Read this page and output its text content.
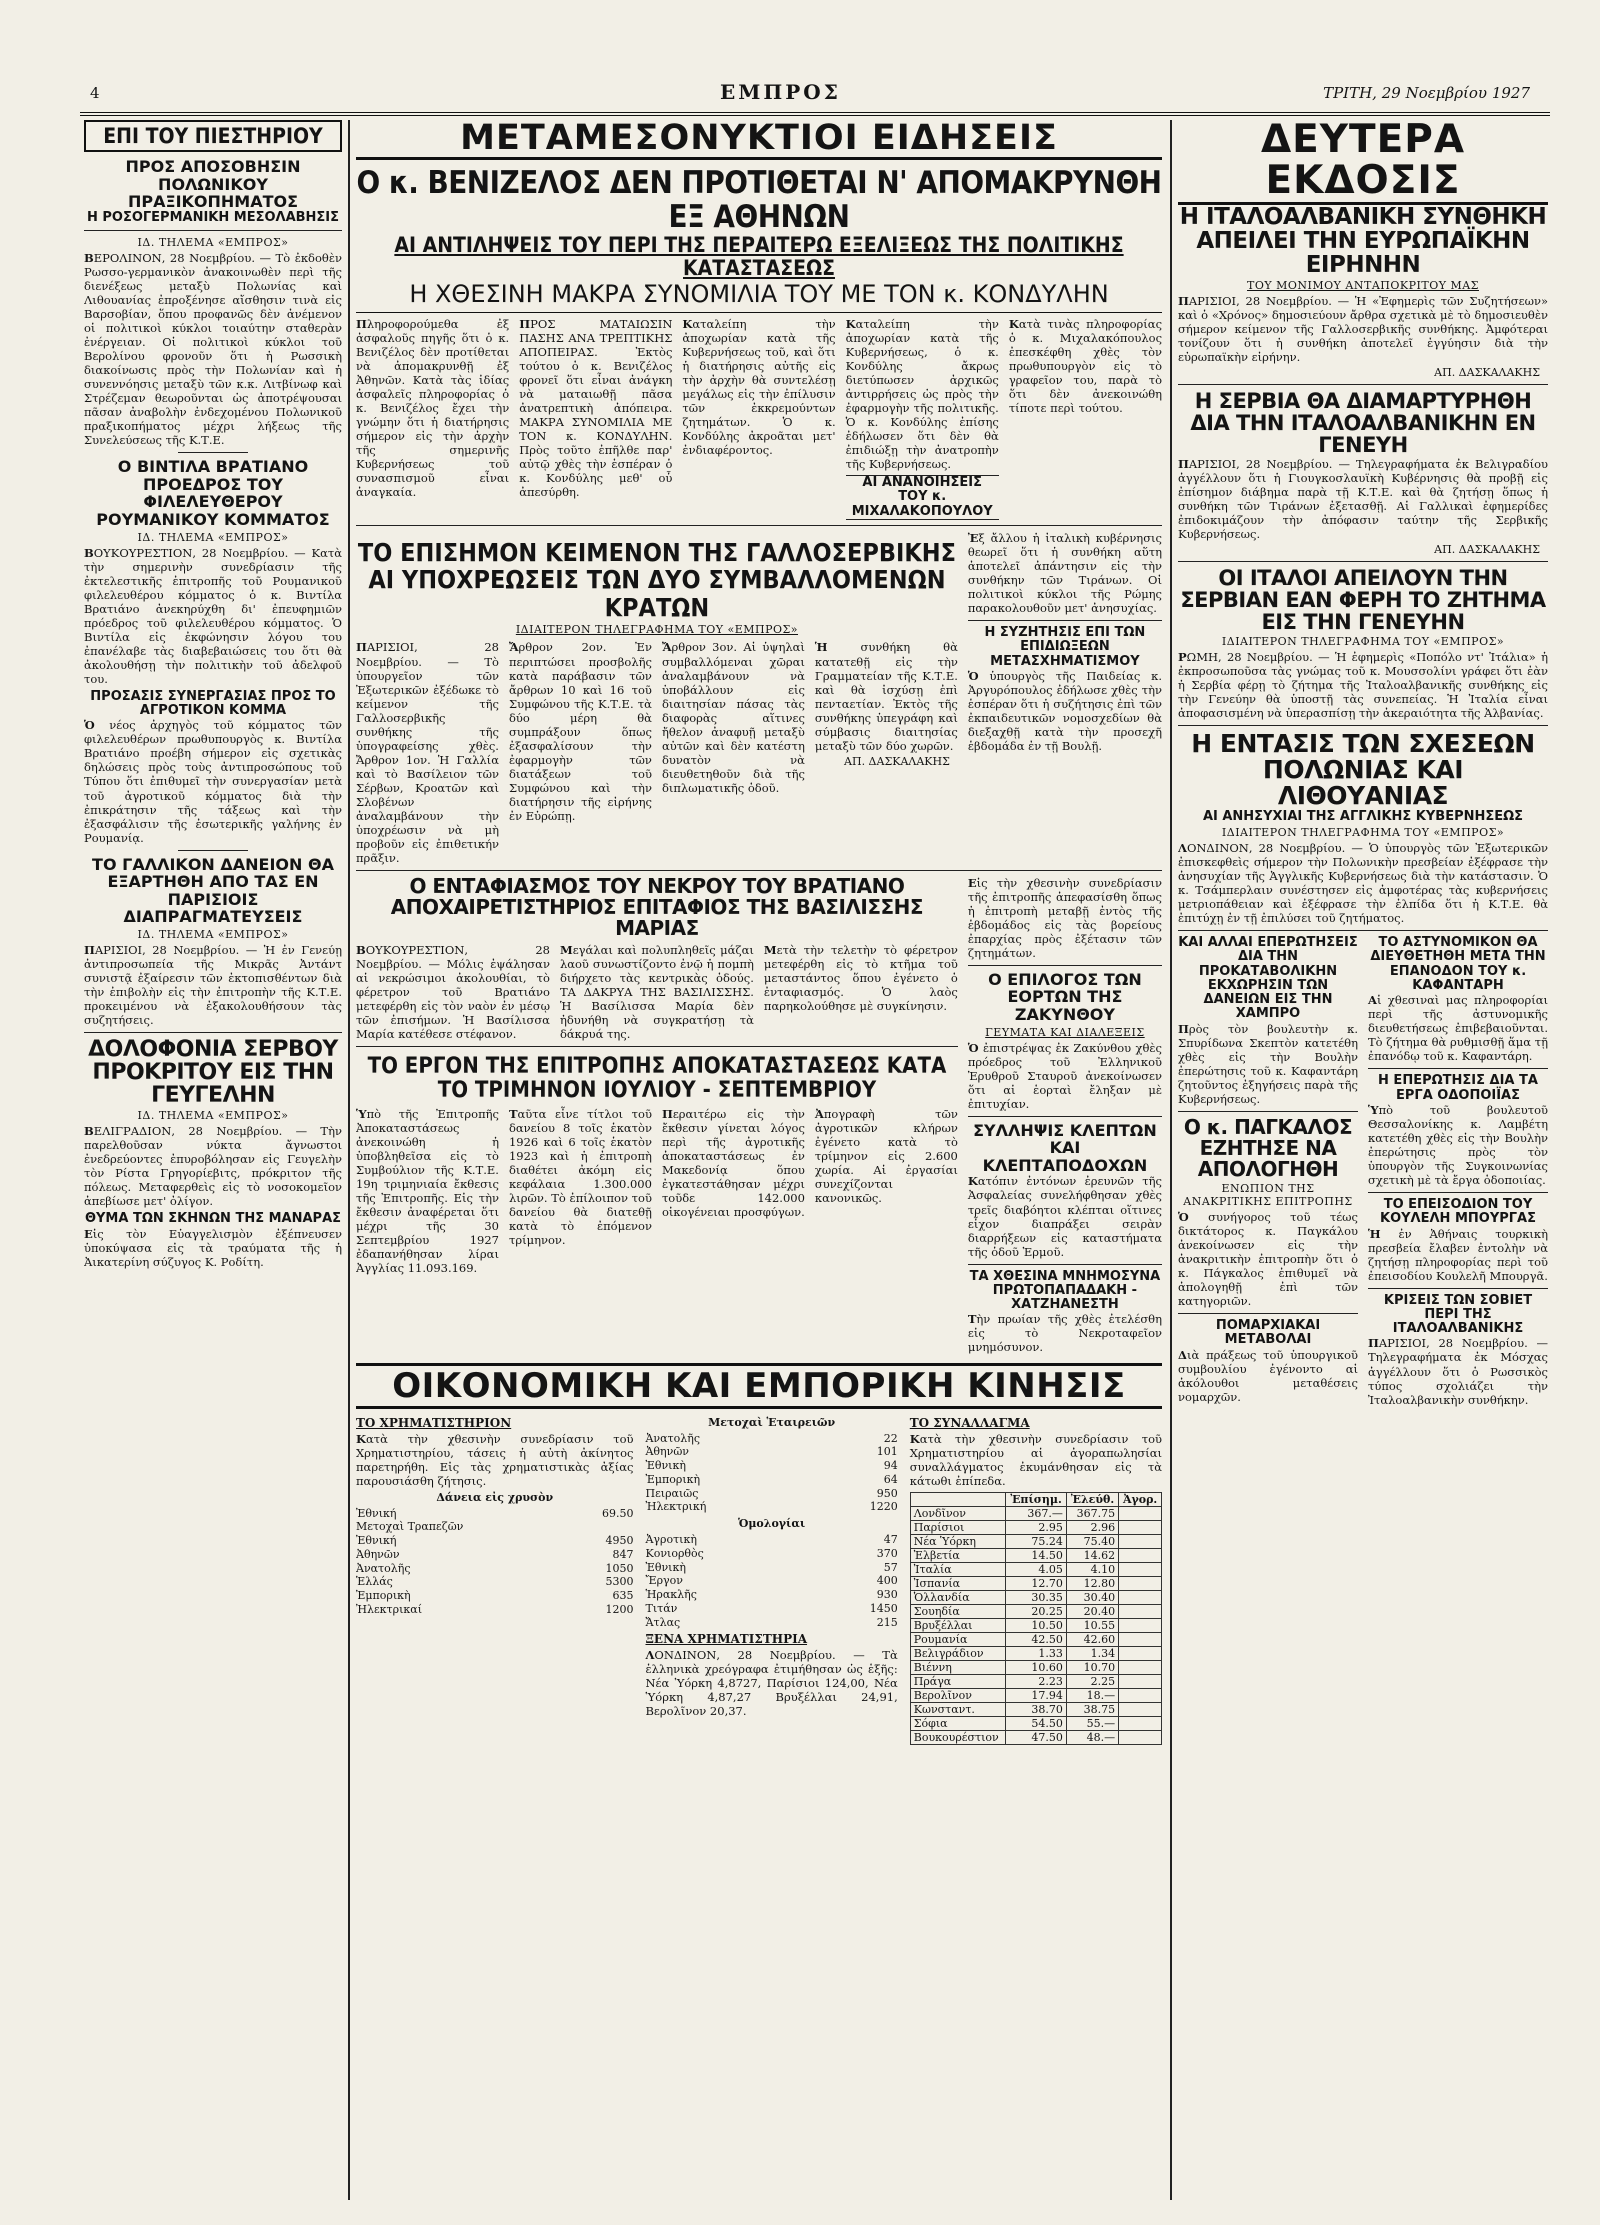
4	ΕΜΠΡΟΣ	ΤΡΙΤΗ, 29 Νοεμβρίου 1927
ΕΠΙ ΤΟΥ ΠΙΕΣΤΗΡΙΟΥ
ΠΡΟΣ ΑΠΟΣΟΒΗΣΙΝ ΠΟΛΩΝΙΚΟΥ ΠΡΑΞΙΚΟΠΗΜΑΤΟΣ
Η ΡΟΣΟΓΕΡΜΑΝΙΚΗ ΜΕΣΟΛΑΒΗΣΙΣ
ΙΔ. ΤΗΛΕΜΑ «ΕΜΠΡΟΣ»
ΒΕΡΟΛΙΝΟΝ, 28 Νοεμβρίου. — Τὸ ἐκδοθὲν Ρωσσο-γερμανικὸν ἀνακοινωθὲν περὶ τῆς διενέξεως μεταξὺ Πολωνίας καὶ Λιθουανίας ἐπροξένησε αἴσθησιν τινὰ εἰς Βαρσοβίαν, ὅπου προφανῶς δὲν ἀνέμενον οἱ πολιτικοὶ κύκλοι τοιαύτην σταθερὰν ἐνέργειαν. Οἱ πολιτικοὶ κύκλοι τοῦ Βερολίνου φρονοῦν ὅτι ἡ Ρωσσικὴ διακοίνωσις πρὸς τὴν Πολωνίαν καὶ ἡ συνεννόησις μεταξὺ τῶν κ.κ. Λιτβίνωφ καὶ Στρέζεμαν θεωροῦνται ὡς ἀποτρέψουσαι πᾶσαν ἀναβολὴν ἐνδεχομένου Πολωνικοῦ πραξικοπήματος μέχρι λήξεως τῆς Συνελεύσεως τῆς Κ.Τ.Ε.
Ο ΒΙΝΤΙΛΑ ΒΡΑΤΙΑΝΟ ΠΡΟΕΔΡΟΣ ΤΟΥ ΦΙΛΕΛΕΥΘΕΡΟΥ ΡΟΥΜΑΝΙΚΟΥ ΚΟΜΜΑΤΟΣ
ΙΔ. ΤΗΛΕΜΑ «ΕΜΠΡΟΣ»
ΒΟΥΚΟΥΡΕΣΤΙΟΝ, 28 Νοεμβρίου. — Κατὰ τὴν σημερινὴν συνεδρίασιν τῆς ἐκτελεστικῆς ἐπιτροπῆς τοῦ Ρουμανικοῦ φιλελευθέρου κόμματος ὁ κ. Βιντίλα Βρατιάνο ἀνεκηρύχθη δι' ἐπευφημιῶν πρόεδρος τοῦ φιλελευθέρου κόμματος. Ὁ Βιντίλα εἰς ἐκφώνησιν λόγου του ἐπανέλαβε τὰς διαβεβαιώσεις του ὅτι θὰ ἀκολουθήσῃ τὴν πολιτικὴν τοῦ ἀδελφοῦ του.
ΠΡΟΣΑΣΙΣ ΣΥΝΕΡΓΑΣΙΑΣ ΠΡΟΣ ΤΟ ΑΓΡΟΤΙΚΟΝ ΚΟΜΜΑ
Ὁ νέος ἀρχηγὸς τοῦ κόμματος τῶν φιλελευθέρων πρωθυπουργὸς κ. Βιντίλα Βρατιάνο προέβη σήμερον εἰς σχετικὰς δηλώσεις πρὸς τοὺς ἀντιπροσώπους τοῦ Τύπου ὅτι ἐπιθυμεῖ τὴν συνεργασίαν μετὰ τοῦ ἀγροτικοῦ κόμματος διὰ τὴν ἐπικράτησιν τῆς τάξεως καὶ τὴν ἐξασφάλισιν τῆς ἐσωτερικῆς γαλήνης ἐν Ρουμανίᾳ.
ΤΟ ΓΑΛΛΙΚΟΝ ΔΑΝΕΙΟΝ ΘΑ ΕΞΑΡΤΗΘΗ ΑΠΟ ΤΑΣ ΕΝ ΠΑΡΙΣΙΟΙΣ ΔΙΑΠΡΑΓΜΑΤΕΥΣΕΙΣ
ΙΔ. ΤΗΛΕΜΑ «ΕΜΠΡΟΣ»
ΠΑΡΙΣΙΟΙ, 28 Νοεμβρίου. — Ἡ ἐν Γενεύῃ ἀντιπροσωπεία τῆς Μικρᾶς Ἀντάντ συνιστᾷ ἐξαίρεσιν τῶν ἐκτοπισθέντων διὰ τὴν ἐπιβολὴν εἰς τὴν ἐπιτροπὴν τῆς Κ.Τ.Ε. προκειμένου νὰ ἐξακολουθήσουν τὰς συζητήσεις.
ΔΟΛΟΦΟΝΙΑ ΣΕΡΒΟΥ ΠΡΟΚΡΙΤΟΥ ΕΙΣ ΤΗΝ ΓΕΥΓΕΛΗΝ
ΙΔ. ΤΗΛΕΜΑ «ΕΜΠΡΟΣ»
ΒΕΛΙΓΡΑΔΙΟΝ, 28 Νοεμβρίου. — Τὴν παρελθοῦσαν νύκτα ἄγνωστοι ἐνεδρεύοντες ἐπυροβόλησαν εἰς Γευγελὴν τὸν Ρίστα Γρηγορίεβιτς, πρόκριτον τῆς πόλεως. Μεταφερθεὶς εἰς τὸ νοσοκομεῖον ἀπεβίωσε μετ' ὀλίγον.
ΘΥΜΑ ΤΩΝ ΣΚΗΝΩΝ ΤΗΣ ΜΑΝΑΡΑΣ
Εἰς τὸν Εὐαγγελισμὸν ἐξέπνευσεν ὑποκύψασα εἰς τὰ τραύματα τῆς ἡ Ἀικατερίνη σύζυγος Κ. Ροδίτη.
ΜΕΤΑΜΕΣΟΝΥΚΤΙΟΙ ΕΙΔΗΣΕΙΣ
Ο κ. ΒΕΝΙΖΕΛΟΣ ΔΕΝ ΠΡΟΤΙΘΕΤΑΙ Ν' ΑΠΟΜΑΚΡΥΝΘΗ ΕΞ ΑΘΗΝΩΝ
ΑΙ ΑΝΤΙΛΗΨΕΙΣ ΤΟΥ ΠΕΡΙ ΤΗΣ ΠΕΡΑΙΤΕΡΩ ΕΞΕΛΙΞΕΩΣ ΤΗΣ ΠΟΛΙΤΙΚΗΣ ΚΑΤΑΣΤΑΣΕΩΣ
Η ΧΘΕΣΙΝΗ ΜΑΚΡΑ ΣΥΝΟΜΙΛΙΑ ΤΟΥ ΜΕ ΤΟΝ κ. ΚΟΝΔΥΛΗΝ
Πληροφορούμεθα ἐξ ἀσφαλοῦς πηγῆς ὅτι ὁ κ. Βενιζέλος δὲν προτίθεται νὰ ἀπομακρυνθῇ ἐξ Ἀθηνῶν. Κατὰ τὰς ἰδίας ἀσφαλεῖς πληροφορίας ὁ κ. Βενιζέλος ἔχει τὴν γνώμην ὅτι ἡ διατήρησις σήμερον εἰς τὴν ἀρχὴν τῆς σημερινῆς Κυβερνήσεως τοῦ συνασπισμοῦ εἶναι ἀναγκαία.
ΠΡΟΣ ΜΑΤΑΙΩΣΙΝ ΠΑΣΗΣ ΑΝΑ ΤΡΕΠΤΙΚΗΣ ΑΠΟΠΕΙΡΑΣ. Ἐκτὸς τούτου ὁ κ. Βενιζέλος φρονεῖ ὅτι εἶναι ἀνάγκη νὰ ματαιωθῇ πᾶσα ἀνατρεπτικὴ ἀπόπειρα. ΜΑΚΡΑ ΣΥΝΟΜΙΛΙΑ ΜΕ ΤΟΝ κ. ΚΟΝΔΥΛΗΝ. Πρὸς τοῦτο ἐπῆλθε παρ' αὐτῷ χθὲς τὴν ἑσπέραν ὁ κ. Κονδύλης μεθ' οὗ ἀπεσύρθη.
Καταλείπη τὴν ἀποχωρίαν κατὰ τῆς Κυβερνήσεως τοῦ, καὶ ὅτι ἡ διατήρησις αὐτῆς εἰς τὴν ἀρχὴν θὰ συντελέσῃ μεγάλως εἰς τὴν ἐπίλυσιν τῶν ἐκκρεμούντων ζητημάτων. Ὁ κ. Κονδύλης ἀκροᾶται μετ' ἐνδιαφέροντος.
Καταλείπη τὴν ἀποχωρίαν κατὰ τῆς Κυβερνήσεως, ὁ κ. Κονδύλης ἄκρως διετύπωσεν ἀρχικῶς ἀντιρρήσεις ὡς πρὸς τὴν ἐφαρμογὴν τῆς πολιτικῆς. Ὁ κ. Κονδύλης ἐπίσης ἐδήλωσεν ὅτι δὲν θὰ ἐπιδιώξῃ τὴν ἀνατροπὴν τῆς Κυβερνήσεως.
ΑΙ ΑΝΑΝΟΙΗΣΕΙΣ ΤΟΥ κ. ΜΙΧΑΛΑΚΟΠΟΥΛΟΥ
Κατὰ τινὰς πληροφορίας ὁ κ. Μιχαλακόπουλος ἐπεσκέφθη χθὲς τὸν πρωθυπουργὸν εἰς τὸ γραφεῖον του, παρὰ τὸ ὅτι δὲν ἀνεκοινώθη τίποτε περὶ τούτου.
ΤΟ ΕΠΙΣΗΜΟΝ ΚΕΙΜΕΝΟΝ ΤΗΣ ΓΑΛΛΟΣΕΡΒΙΚΗΣ ΑΙ ΥΠΟΧΡΕΩΣΕΙΣ ΤΩΝ ΔΥΟ ΣΥΜΒΑΛΛΟΜΕΝΩΝ ΚΡΑΤΩΝ
ΙΔΙΑΙΤΕΡΟΝ ΤΗΛΕΓΡΑΦΗΜΑ ΤΟΥ «ΕΜΠΡΟΣ»
ΠΑΡΙΣΙΟΙ, 28 Νοεμβρίου. — Τὸ ὑπουργεῖον τῶν Ἐξωτερικῶν ἐξέδωκε τὸ κείμενον τῆς Γαλλοσερβικῆς συνθήκης τῆς ὑπογραφείσης χθὲς. Ἄρθρον 1ον. Ἡ Γαλλία καὶ τὸ Βασίλειον τῶν Σέρβων, Κροατῶν καὶ Σλοβένων ἀναλαμβάνουν τὴν ὑποχρέωσιν νὰ μὴ προβοῦν εἰς ἐπιθετικήν πρᾶξιν.
Ἄρθρον 2ον. Ἐν περιπτώσει προσβολῆς κατὰ παράβασιν τῶν ἄρθρων 10 καὶ 16 τοῦ Συμφώνου τῆς Κ.Τ.Ε. τὰ δύο μέρη θὰ συμπράξουν ὅπως ἐξασφαλίσουν τὴν ἐφαρμογὴν τῶν διατάξεων τοῦ Συμφώνου καὶ τὴν διατήρησιν τῆς εἰρήνης ἐν Εὐρώπῃ.
Ἄρθρον 3ον. Αἱ ὑψηλαὶ συμβαλλόμεναι χῶραι ἀναλαμβάνουν νὰ ὑποβάλλουν εἰς διαιτησίαν πάσας τὰς διαφορὰς αἵτινες ἤθελον ἀναφυῇ μεταξὺ αὐτῶν καὶ δὲν κατέστη δυνατὸν νὰ διευθετηθοῦν διὰ τῆς διπλωματικῆς ὁδοῦ.
Ἡ συνθήκη θὰ κατατεθῇ εἰς τὴν Γραμματείαν τῆς Κ.Τ.Ε. καὶ θὰ ἰσχύσῃ ἐπὶ πενταετίαν. Ἐκτὸς τῆς συνθήκης ὑπεγράφη καὶ σύμβασις διαιτησίας μεταξὺ τῶν δύο χωρῶν.
ΑΠ. ΔΑΣΚΑΛΑΚΗΣ
Ἐξ ἄλλου ἡ ἰταλικὴ κυβέρνησις θεωρεῖ ὅτι ἡ συνθήκη αὕτη ἀποτελεῖ ἀπάντησιν εἰς τὴν συνθήκην τῶν Τιράνων. Οἱ πολιτικοὶ κύκλοι τῆς Ρώμης παρακολουθοῦν μετ' ἀνησυχίας.
Η ΣΥΖΗΤΗΣΙΣ ΕΠΙ ΤΩΝ ΕΠΙΔΙΩΞΕΩΝ ΜΕΤΑΣΧΗΜΑΤΙΣΜΟΥ
Ὁ ὑπουργὸς τῆς Παιδείας κ. Ἀργυρόπουλος ἐδήλωσε χθὲς τὴν ἑσπέραν ὅτι ἡ συζήτησις ἐπὶ τῶν ἐκπαιδευτικῶν νομοσχεδίων θὰ διεξαχθῇ κατὰ τὴν προσεχῆ ἑβδομάδα ἐν τῇ Βουλῇ.
Ο ΕΝΤΑΦΙΑΣΜΟΣ ΤΟΥ ΝΕΚΡΟΥ ΤΟΥ ΒΡΑΤΙΑΝΟ ΑΠΟΧΑΙΡΕΤΙΣΤΗΡΙΟΣ ΕΠΙΤΑΦΙΟΣ ΤΗΣ ΒΑΣΙΛΙΣΣΗΣ ΜΑΡΙΑΣ
ΒΟΥΚΟΥΡΕΣΤΙΟΝ, 28 Νοεμβρίου. — Μόλις ἐψάλησαν αἱ νεκρώσιμοι ἀκολουθίαι, τὸ φέρετρον τοῦ Βρατιάνο μετεφέρθη εἰς τὸν ναὸν ἐν μέσῳ τῶν ἐπισήμων. Ἡ Βασίλισσα Μαρία κατέθεσε στέφανον.
Μεγάλαι καὶ πολυπληθεῖς μάζαι λαοῦ συνωστίζοντο ἐνῷ ἡ πομπὴ διήρχετο τὰς κεντρικὰς ὁδούς. ΤΑ ΔΑΚΡΥΑ ΤΗΣ ΒΑΣΙΛΙΣΣΗΣ. Ἡ Βασίλισσα Μαρία δὲν ἠδυνήθη νὰ συγκρατήσῃ τὰ δάκρυά της.
Μετὰ τὴν τελετὴν τὸ φέρετρον μετεφέρθη εἰς τὸ κτῆμα τοῦ μεταστάντος ὅπου ἐγένετο ὁ ἐνταφιασμός. Ὁ λαὸς παρηκολούθησε μὲ συγκίνησιν.
ΤΟ ΕΡΓΟΝ ΤΗΣ ΕΠΙΤΡΟΠΗΣ ΑΠΟΚΑΤΑΣΤΑΣΕΩΣ ΚΑΤΑ ΤΟ ΤΡΙΜΗΝΟΝ ΙΟΥΛΙΟΥ - ΣΕΠΤΕΜΒΡΙΟΥ
Ὑπὸ τῆς Ἐπιτροπῆς Ἀποκαταστάσεως ἀνεκοινώθη ἡ ὑποβληθεῖσα εἰς τὸ Συμβούλιον τῆς Κ.Τ.Ε. 19η τριμηνιαία ἔκθεσις τῆς Ἐπιτροπῆς. Εἰς τὴν ἔκθεσιν ἀναφέρεται ὅτι μέχρι τῆς 30 Σεπτεμβρίου 1927 ἐδαπανήθησαν λίραι Ἀγγλίας 11.093.169.
Ταῦτα εἶνε τίτλοι τοῦ δανείου 8 τοῖς ἑκατὸν 1926 καὶ 6 τοῖς ἑκατὸν 1923 καὶ ἡ ἐπιτροπὴ διαθέτει ἀκόμη εἰς κεφάλαια 1.300.000 λιρῶν. Τὸ ἐπίλοιπον τοῦ δανείου θὰ διατεθῇ κατὰ τὸ ἐπόμενον τρίμηνον.
Περαιτέρω εἰς τὴν ἔκθεσιν γίνεται λόγος περὶ τῆς ἀγροτικῆς ἀποκαταστάσεως ἐν Μακεδονίᾳ ὅπου ἐγκατεστάθησαν μέχρι τοῦδε 142.000 οἰκογένειαι προσφύγων.
Ἀπογραφὴ τῶν ἀγροτικῶν κλήρων ἐγένετο κατὰ τὸ τρίμηνον εἰς 2.600 χωρία. Αἱ ἐργασίαι συνεχίζονται κανονικῶς.
Εἰς τὴν χθεσινὴν συνεδρίασιν τῆς ἐπιτροπῆς ἀπεφασίσθη ὅπως ἡ ἐπιτροπὴ μεταβῇ ἐντὸς τῆς ἑβδομάδος εἰς τὰς βορείους ἐπαρχίας πρὸς ἐξέτασιν τῶν ζητημάτων.
Ο ΕΠΙΛΟΓΟΣ ΤΩΝ ΕΟΡΤΩΝ ΤΗΣ ΖΑΚΥΝΘΟΥ
ΓΕΥΜΑΤΑ ΚΑΙ ΔΙΑΛΕΞΕΙΣ
Ὁ ἐπιστρέψας ἐκ Ζακύνθου χθὲς πρόεδρος τοῦ Ἐλληνικοῦ Ἐρυθροῦ Σταυροῦ ἀνεκοίνωσεν ὅτι αἱ ἑορταὶ ἔληξαν μὲ ἐπιτυχίαν.
ΣΥΛΛΗΨΙΣ ΚΛΕΠΤΩΝ ΚΑΙ ΚΛΕΠΤΑΠΟΔΟΧΩΝ
Κατόπιν ἐντόνων ἐρευνῶν τῆς Ἀσφαλείας συνελήφθησαν χθὲς τρεῖς διαβόητοι κλέπται οἵτινες εἶχον διαπράξει σειρὰν διαρρήξεων εἰς καταστήματα τῆς ὁδοῦ Ἑρμοῦ.
ΤΑ ΧΘΕΣΙΝΑ ΜΝΗΜΟΣΥΝΑ ΠΡΩΤΟΠΑΠΑΔΑΚΗ - ΧΑΤΖΗΑΝΕΣΤΗ
Τὴν πρωίαν τῆς χθὲς ἐτελέσθη εἰς τὸ Νεκροταφεῖον μνημόσυνον.
ΟΙΚΟΝΟΜΙΚΗ ΚΑΙ ΕΜΠΟΡΙΚΗ ΚΙΝΗΣΙΣ
ΤΟ ΧΡΗΜΑΤΙΣΤΗΡΙΟΝ
Κατὰ τὴν χθεσινὴν συνεδρίασιν τοῦ Χρηματιστηρίου, τάσεις ἡ αὐτὴ ἀκίνητος παρετηρήθη. Εἰς τὰς χρηματιστικὰς ἀξίας παρουσιάσθη ζήτησις.
Δάνεια εἰς χρυσὸν
Ἐθνική	69.50
Μετοχαὶ Τραπεζῶν
Ἐθνική	4950
Ἀθηνῶν	847
Ἀνατολῆς	1050
Ἑλλάς	5300
Ἐμπορικὴ	635
Ἠλεκτρικαί	1200
Μετοχαὶ Ἑταιρειῶν
Ἀνατολῆς	22
Ἀθηνῶν	101
Ἐθνικὴ	94
Ἐμπορικὴ	64
Πειραιῶς	950
Ἠλεκτρική	1220
Ὁμολογίαι
Ἀγροτικὴ	47
Κονιορθὸς	370
Ἐθνικὴ	57
Ἔργον	400
Ἡρακλῆς	930
Τιτάν	1450
Ἄτλας	215
ΞΕΝΑ ΧΡΗΜΑΤΙΣΤΗΡΙΑ
ΛΟΝΔΙΝΟΝ, 28 Νοεμβρίου. — Τὰ ἑλληνικὰ χρεόγραφα ἐτιμήθησαν ὡς ἑξῆς: Νέα Ὑόρκη 4,8727, Παρίσιοι 124,00, Νέα Ὑόρκη 4,87,27 Βρυξέλλαι 24,91, Βερολῖνον 20,37.
ΤΟ ΣΥΝΑΛΛΑΓΜΑ
Κατὰ τὴν χθεσινὴν συνεδρίασιν τοῦ Χρηματιστηρίου αἱ ἀγοραπωλησίαι συναλλάγματος ἐκυμάνθησαν εἰς τὰ κάτωθι ἐπίπεδα.
	Ἐπίσημ.	Ἐλεύθ.	Ἀγορ.
Λονδῖνον	367.—	367.75	
Παρίσιοι	2.95	2.96	
Νέα Ὑόρκη	75.24	75.40	
Ἑλβετία	14.50	14.62	
Ἰταλία	4.05	4.10	
Ἰσπανία	12.70	12.80	
Ὁλλανδία	30.35	30.40	
Σουηδία	20.25	20.40	
Βρυξέλλαι	10.50	10.55	
Ρουμανία	42.50	42.60	
Βελιγράδιον	1.33	1.34	
Βιέννη	10.60	10.70	
Πράγα	2.23	2.25	
Βερολῖνον	17.94	18.—	
Κωνσταντ.	38.70	38.75	
Σόφια	54.50	55.—	
Βουκουρέστιον	47.50	48.—	
ΔΕΥΤΕΡΑ ΕΚΔΟΣΙΣ
Η ΙΤΑΛΟΑΛΒΑΝΙΚΗ ΣΥΝΘΗΚΗ ΑΠΕΙΛΕΙ ΤΗΝ ΕΥΡΩΠΑΪΚΗΝ ΕΙΡΗΝΗΝ
ΤΟΥ ΜΟΝΙΜΟΥ ΑΝΤΑΠΟΚΡΙΤΟΥ ΜΑΣ
ΠΑΡΙΣΙΟΙ, 28 Νοεμβρίου. — Ἡ «Ἐφημερὶς τῶν Συζητήσεων» καὶ ὁ «Χρόνος» δημοσιεύουν ἄρθρα σχετικὰ μὲ τὸ δημοσιευθὲν σήμερον κείμενον τῆς Γαλλοσερβικῆς συνθήκης. Ἀμφότεραι τονίζουν ὅτι ἡ συνθήκη ἀποτελεῖ ἐγγύησιν διὰ τὴν εὐρωπαϊκὴν εἰρήνην.
ΑΠ. ΔΑΣΚΑΛΑΚΗΣ
Η ΣΕΡΒΙΑ ΘΑ ΔΙΑΜΑΡΤΥΡΗΘΗ ΔΙΑ ΤΗΝ ΙΤΑΛΟΑΛΒΑΝΙΚΗΝ ΕΝ ΓΕΝΕΥΗ
ΠΑΡΙΣΙΟΙ, 28 Νοεμβρίου. — Τηλεγραφήματα ἐκ Βελιγραδίου ἀγγέλλουν ὅτι ἡ Γιουγκοσλαυϊκὴ Κυβέρνησις θὰ προβῇ εἰς ἐπίσημον διάβημα παρὰ τῇ Κ.Τ.Ε. καὶ θὰ ζητήσῃ ὅπως ἡ συνθήκη τῶν Τιράνων ἐξετασθῇ. Αἱ Γαλλικαὶ ἐφημερίδες ἐπιδοκιμάζουν τὴν ἀπόφασιν ταύτην τῆς Σερβικῆς Κυβερνήσεως.
ΑΠ. ΔΑΣΚΑΛΑΚΗΣ
ΟΙ ΙΤΑΛΟΙ ΑΠΕΙΛΟΥΝ ΤΗΝ ΣΕΡΒΙΑΝ ΕΑΝ ΦΕΡΗ ΤΟ ΖΗΤΗΜΑ ΕΙΣ ΤΗΝ ΓΕΝΕΥΗΝ
ΙΔΙΑΙΤΕΡΟΝ ΤΗΛΕΓΡΑΦΗΜΑ ΤΟΥ «ΕΜΠΡΟΣ»
ΡΩΜΗ, 28 Νοεμβρίου. — Ἡ ἐφημερὶς «Ποπόλο ντ' Ἰτάλια» ἡ ἐκπροσωποῦσα τὰς γνώμας τοῦ κ. Μουσσολίνι γράφει ὅτι ἐὰν ἡ Σερβία φέρῃ τὸ ζήτημα τῆς Ἰταλοαλβανικῆς συνθήκης εἰς τὴν Γενεύην θὰ ὑποστῇ τὰς συνεπείας. Ἡ Ἰταλία εἶναι ἀποφασισμένη νὰ ὑπερασπίσῃ τὴν ἀκεραιότητα τῆς Ἀλβανίας.
Η ΕΝΤΑΣΙΣ ΤΩΝ ΣΧΕΣΕΩΝ ΠΟΛΩΝΙΑΣ ΚΑΙ ΛΙΘΟΥΑΝΙΑΣ
ΑΙ ΑΝΗΣΥΧΙΑΙ ΤΗΣ ΑΓΓΛΙΚΗΣ ΚΥΒΕΡΝΗΣΕΩΣ
ΙΔΙΑΙΤΕΡΟΝ ΤΗΛΕΓΡΑΦΗΜΑ ΤΟΥ «ΕΜΠΡΟΣ»
ΛΟΝΔΙΝΟΝ, 28 Νοεμβρίου. — Ὁ ὑπουργὸς τῶν Ἐξωτερικῶν ἐπισκεφθεὶς σήμερον τὴν Πολωνικὴν πρεσβείαν ἐξέφρασε τὴν ἀνησυχίαν τῆς Ἀγγλικῆς Κυβερνήσεως διὰ τὴν κατάστασιν. Ὁ κ. Τσάμπερλαιν συνέστησεν εἰς ἀμφοτέρας τὰς κυβερνήσεις μετριοπάθειαν καὶ ἐξέφρασε τὴν ἐλπίδα ὅτι ἡ Κ.Τ.Ε. θὰ ἐπιτύχῃ ἐν τῇ ἐπιλύσει τοῦ ζητήματος.
ΚΑΙ ΑΛΛΑΙ ΕΠΕΡΩΤΗΣΕΙΣ ΔΙΑ ΤΗΝ ΠΡΟΚΑΤΑΒΟΛΙΚΗΝ ΕΚΧΩΡΗΣΙΝ ΤΩΝ ΔΑΝΕΙΩΝ ΕΙΣ ΤΗΝ ΧΑΜΠΡΟ
Πρὸς τὸν βουλευτὴν κ. Σπυρίδωνα Σκεπτὸν κατετέθη χθὲς εἰς τὴν Βουλὴν ἐπερώτησις τοῦ κ. Καφαντάρη ζητοῦντος ἐξηγήσεις παρὰ τῆς Κυβερνήσεως.
Ο κ. ΠΑΓΚΑΛΟΣ ΕΖΗΤΗΣΕ ΝΑ ΑΠΟΛΟΓΗΘΗ
ΕΝΩΠΙΟΝ ΤΗΣ ΑΝΑΚΡΙΤΙΚΗΣ ΕΠΙΤΡΟΠΗΣ
Ὁ συνήγορος τοῦ τέως δικτάτορος κ. Παγκάλου ἀνεκοίνωσεν εἰς τὴν ἀνακριτικὴν ἐπιτροπὴν ὅτι ὁ κ. Πάγκαλος ἐπιθυμεῖ νὰ ἀπολογηθῇ ἐπὶ τῶν κατηγοριῶν.
ΠΟΜΑΡΧΙΑΚΑΙ ΜΕΤΑΒΟΛΑΙ
Διὰ πράξεως τοῦ ὑπουργικοῦ συμβουλίου ἐγένοντο αἱ ἀκόλουθοι μεταθέσεις νομαρχῶν.
ΤΟ ΑΣΤΥΝΟΜΙΚΟΝ ΘΑ ΔΙΕΥΘΕΤΗΘΗ ΜΕΤΑ ΤΗΝ ΕΠΑΝΟΔΟΝ ΤΟΥ κ. ΚΑΦΑΝΤΑΡΗ
Αἱ χθεσιναὶ μας πληροφορίαι περὶ τῆς ἀστυνομικῆς διευθετήσεως ἐπιβεβαιοῦνται. Τὸ ζήτημα θὰ ρυθμισθῇ ἅμα τῇ ἐπανόδῳ τοῦ κ. Καφαντάρη.
Η ΕΠΕΡΩΤΗΣΙΣ ΔΙΑ ΤΑ ΕΡΓΑ ΟΔΟΠΟΙΪΑΣ
Ὑπὸ τοῦ βουλευτοῦ Θεσσαλονίκης κ. Λαμβέτη κατετέθη χθὲς εἰς τὴν Βουλὴν ἐπερώτησις πρὸς τὸν ὑπουργὸν τῆς Συγκοινωνίας σχετικὴ μὲ τὰ ἔργα ὁδοποιίας.
ΤΟ ΕΠΕΙΣΟΔΙΟΝ ΤΟΥ ΚΟΥΛΕΛΗ ΜΠΟΥΡΓΑΣ
Ἡ ἐν Ἀθήναις τουρκικὴ πρεσβεία ἔλαβεν ἐντολὴν νὰ ζητήσῃ πληροφορίας περὶ τοῦ ἐπεισοδίου Κουλελῆ Μπουργᾶ.
ΚΡΙΣΕΙΣ ΤΩΝ ΣΟΒΙΕΤ ΠΕΡΙ ΤΗΣ ΙΤΑΛΟΑΛΒΑΝΙΚΗΣ
ΠΑΡΙΣΙΟΙ, 28 Νοεμβρίου. — Τηλεγραφήματα ἐκ Μόσχας ἀγγέλλουν ὅτι ὁ Ρωσσικὸς τύπος σχολιάζει τὴν Ἰταλοαλβανικὴν συνθήκην.
